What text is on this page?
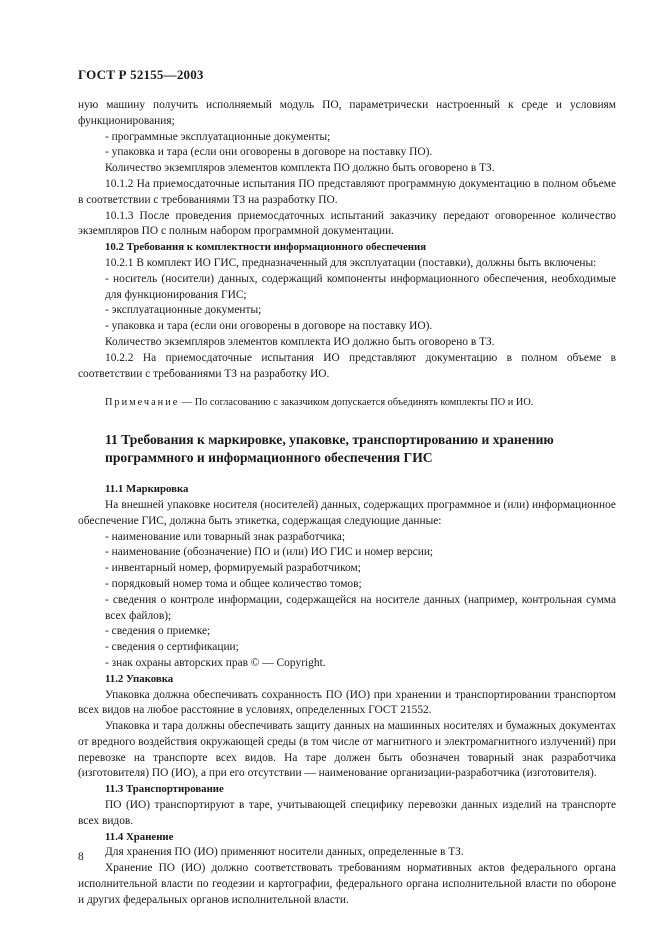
ГОСТ Р 52155—2003

ную машину получить исполняемый модуль ПО, параметрически настроенный к среде и условиям функционирования;

- программные эксплуатационные документы;

- упаковка и тара (если они оговорены в договоре на поставку ПО).

Количество экземпляров элементов комплекта ПО должно быть оговорено в ТЗ.

10.1.2 На приемосдаточные испытания ПО представляют программную документацию в полном объеме в соответствии с требованиями ТЗ на разработку ПО.

10.1.3 После проведения приемосдаточных испытаний заказчику передают оговоренное количество экземпляров ПО с полным набором программной документации.

10.2 Требования к комплектности информационного обеспечения

10.2.1 В комплект ИО ГИС, предназначенный для эксплуатации (поставки), должны быть включены:

- носитель (носители) данных, содержащий компоненты информационного обеспечения, необходимые для функционирования ГИС;

- эксплуатационные документы;

- упаковка и тара (если они оговорены в договоре на поставку ИО).

Количество экземпляров элементов комплекта ИО должно быть оговорено в ТЗ.

10.2.2 На приемосдаточные испытания ИО представляют документацию в полном объеме в соответствии с требованиями ТЗ на разработку ИО.

Примечание — По согласованию с заказчиком допускается объединять комплекты ПО и ИО.

11 Требования к маркировке, упаковке, транспортированию и хранению программного и информационного обеспечения ГИС

11.1 Маркировка

На внешней упаковке носителя (носителей) данных, содержащих программное и (или) информационное обеспечение ГИС, должна быть этикетка, содержащая следующие данные:

- наименование или товарный знак разработчика;

- наименование (обозначение) ПО и (или) ИО ГИС и номер версии;

- инвентарный номер, формируемый разработчиком;

- порядковый номер тома и общее количество томов;

- сведения о контроле информации, содержащейся на носителе данных (например, контрольная сумма всех файлов);

- сведения о приемке;

- сведения о сертификации;

- знак охраны авторских прав © — Copyright.

11.2 Упаковка

Упаковка должна обеспечивать сохранность ПО (ИО) при хранении и транспортировании транспортом всех видов на любое расстояние в условиях, определенных ГОСТ 21552.

Упаковка и тара должны обеспечивать защиту данных на машинных носителях и бумажных документах от вредного воздействия окружающей среды (в том числе от магнитного и электромагнитного излучений) при перевозке на транспорте всех видов. На таре должен быть обозначен товарный знак разработчика (изготовителя) ПО (ИО), а при его отсутствии — наименование организации-разработчика (изготовителя).

11.3 Транспортирование

ПО (ИО) транспортируют в таре, учитывающей специфику перевозки данных изделий на транспорте всех видов.

11.4 Хранение

Для хранения ПО (ИО) применяют носители данных, определенные в ТЗ.

Хранение ПО (ИО) должно соответствовать требованиям нормативных актов федерального органа исполнительной власти по геодезии и картографии, федерального органа исполнительной власти по обороне и других федеральных органов исполнительной власти.

8
